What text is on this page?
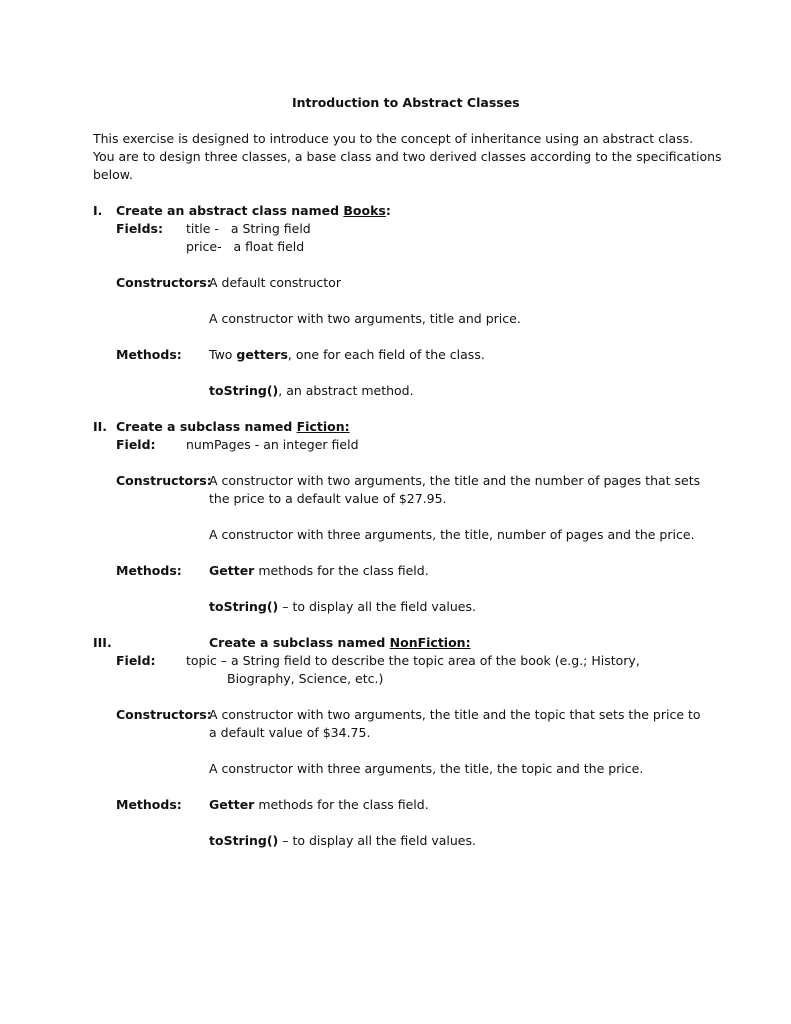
Introduction to Abstract Classes
This exercise is designed to introduce you to the concept of inheritance using an abstract class.
You are to design three classes, a base class and two derived classes according to the specifications
below.
I. Create an abstract class named Books:
Fields: title -   a String field
price-   a float field
Constructors:
A default constructor
A constructor with two arguments, title and price.
Methods: Two getters, one for each field of the class.
toString(), an abstract method.
II. Create a subclass named Fiction:
Field: numPages - an integer field
Constructors:
A constructor with two arguments, the title and the number of pages that sets
the price to a default value of $27.95.
A constructor with three arguments, the title, number of pages and the price.
Methods: Getter methods for the class field.
toString() – to display all the field values.
III.	Create a subclass named NonFiction:
Field: topic – a String field to describe the topic area of the book (e.g.; History,
Biography, Science, etc.)
Constructors:
A constructor with two arguments, the title and the topic that sets the price to
a default value of $34.75.
A constructor with three arguments, the title, the topic and the price.
Methods: Getter methods for the class field.
toString() – to display all the field values.
